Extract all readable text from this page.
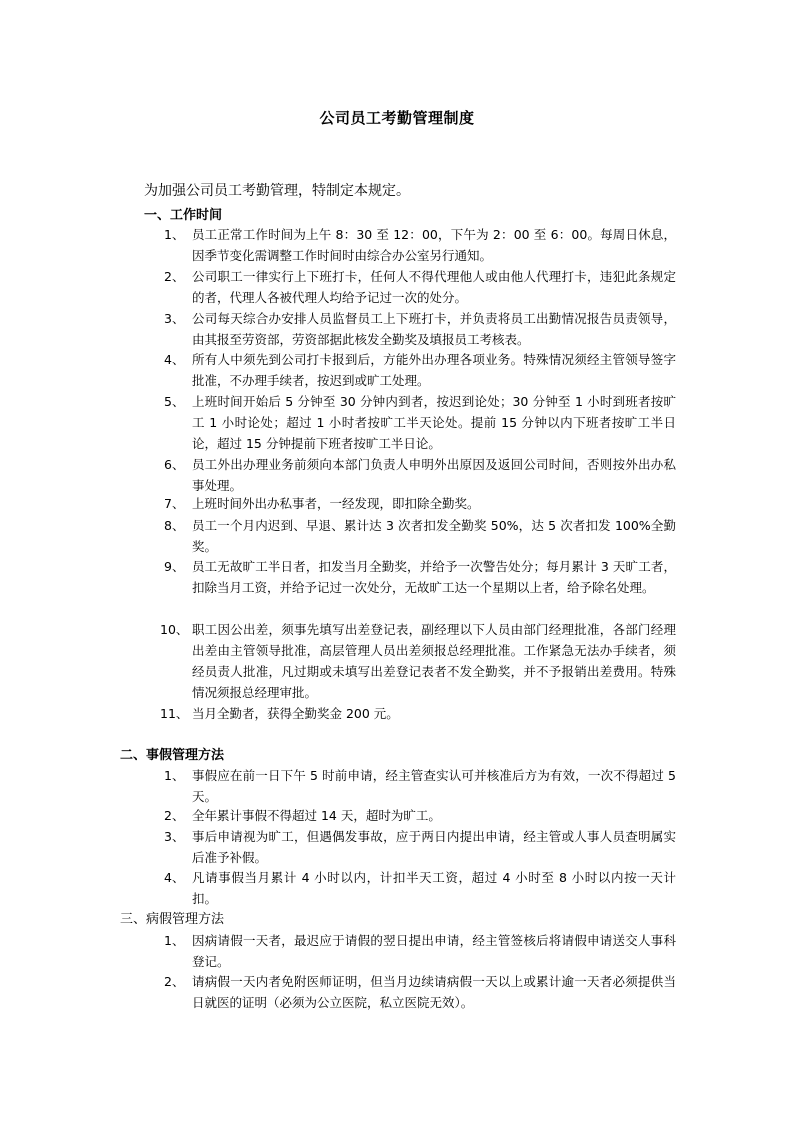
公司员工考勤管理制度
为加强公司员工考勤管理，特制定本规定。
一、工作时间
1、 员工正常工作时间为上午 8：30 至 12：00，下午为 2：00 至 6：00。每周日休息，因季节变化需调整工作时间时由综合办公室另行通知。
2、 公司职工一律实行上下班打卡，任何人不得代理他人或由他人代理打卡，违犯此条规定的者，代理人各被代理人均给予记过一次的处分。
3、 公司每天综合办安排人员监督员工上下班打卡，并负责将员工出勤情况报告员责领导，由其报至劳资部，劳资部据此核发全勤奖及填报员工考核表。
4、 所有人中须先到公司打卡报到后，方能外出办理各项业务。特殊情况须经主管领导签字批准，不办理手续者，按迟到或旷工处理。
5、 上班时间开始后 5 分钟至 30 分钟内到者，按迟到论处；30 分钟至 1 小时到班者按旷工 1 小时论处；超过 1 小时者按旷工半天论处。提前 15 分钟以内下班者按旷工半日论，超过 15 分钟提前下班者按旷工半日论。
6、 员工外出办理业务前须向本部门负责人申明外出原因及返回公司时间，否则按外出办私事处理。
7、 上班时间外出办私事者，一经发现，即扣除全勤奖。
8、 员工一个月内迟到、早退、累计达 3 次者扣发全勤奖 50%，达 5 次者扣发 100%全勤奖。
9、 员工无故旷工半日者，扣发当月全勤奖，并给予一次警告处分；每月累计 3 天旷工者，扣除当月工资，并给予记过一次处分，无故旷工达一个星期以上者，给予除名处理。
10、 职工因公出差，须事先填写出差登记表，副经理以下人员由部门经理批准，各部门经理出差由主管领导批准，高层管理人员出差须报总经理批准。工作紧急无法办手续者，须经员责人批准，凡过期或未填写出差登记表者不发全勤奖，并不予报销出差费用。特殊情况须报总经理审批。
11、 当月全勤者，获得全勤奖金 200 元。
二、事假管理方法
1、 事假应在前一日下午 5 时前申请，经主管查实认可并核准后方为有效，一次不得超过 5 天。
2、 全年累计事假不得超过 14 天，超时为旷工。
3、 事后申请视为旷工，但遇偶发事故，应于两日内提出申请，经主管或人事人员查明属实后准予补假。
4、 凡请事假当月累计 4 小时以内，计扣半天工资，超过 4 小时至 8 小时以内按一天计扣。
三、病假管理方法
1、 因病请假一天者，最迟应于请假的翌日提出申请，经主管签核后将请假申请送交人事科登记。
2、 请病假一天内者免附医师证明，但当月边续请病假一天以上或累计逾一天者必须提供当日就医的证明（必须为公立医院，私立医院无效）。
